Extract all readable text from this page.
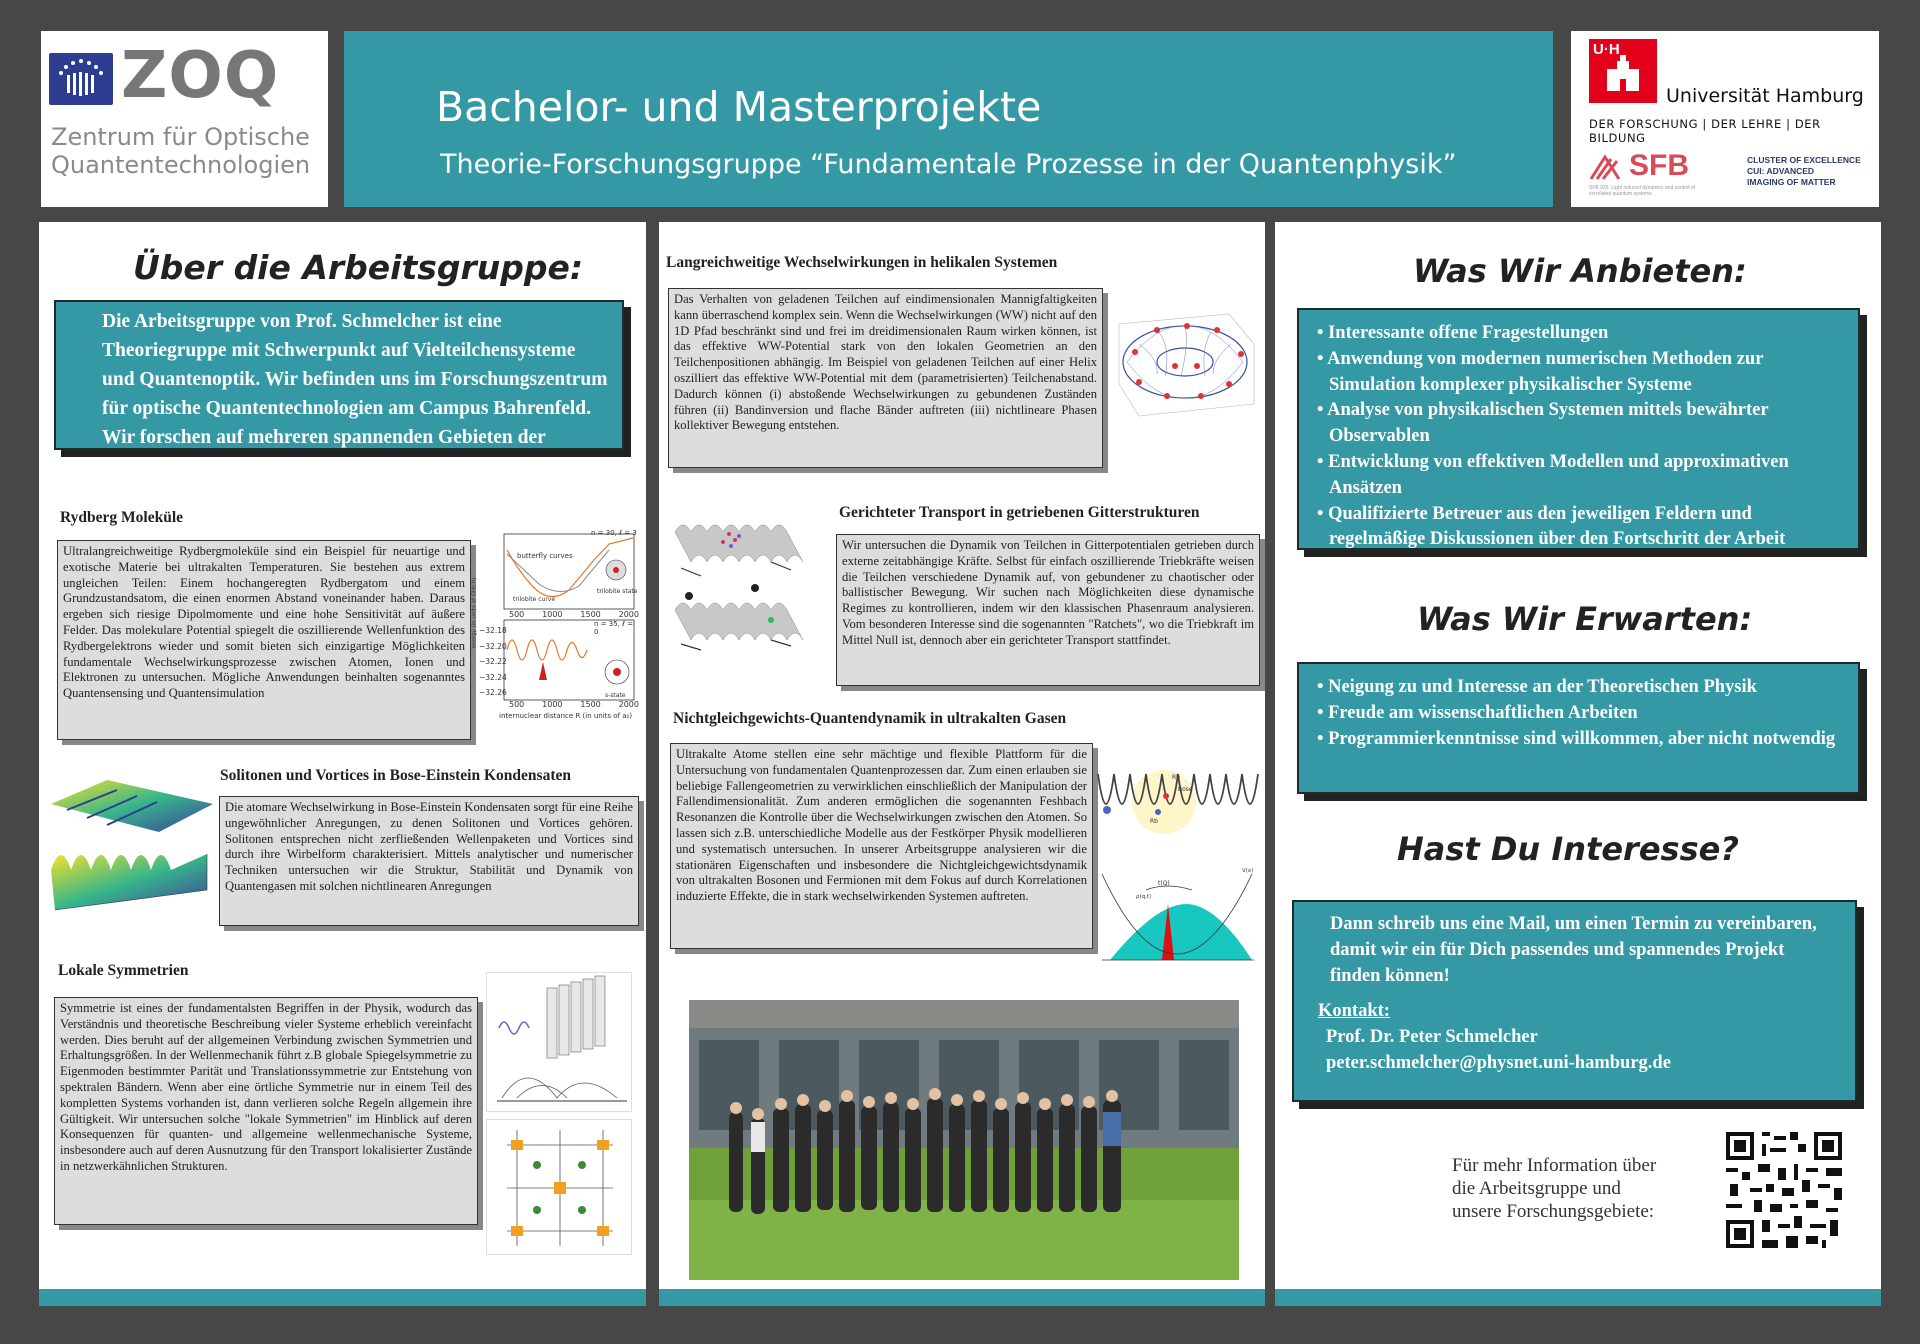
ZOQ
Zentrum für Optische
Quantentechnologien
Bachelor- und Masterprojekte
Theorie-Forschungsgruppe “Fundamentale Prozesse in der Quantenphysik”
U·H
Universität Hamburg
DER FORSCHUNG | DER LEHRE | DER BILDUNG
SFB
SFB 925: Light induced dynamics and control of correlated quantum systems
CLUSTER OF EXCELLENCE
CUI: ADVANCED
IMAGING OF MATTER
Über die Arbeitsgruppe:
Die Arbeitsgruppe von Prof. Schmelcher ist eine Theoriegruppe mit Schwerpunkt auf Vielteilchensysteme und Quantenoptik. Wir befinden uns im Forschungszentrum für optische Quantentechnologien am Campus Bahrenfeld. Wir forschen auf mehreren spannenden Gebieten der modernen Quantenphysik.
Rydberg Moleküle
Ultralangreichweitige Rydbergmoleküle sind ein Beispiel für neuartige und exotische Materie bei ultrakalten Temperaturen. Sie bestehen aus extrem ungleichen Teilen: Einem hochangeregten Rydbergatom und einem Grundzustandsatom, die einen enormen Abstand voneinander haben. Daraus ergeben sich riesige Dipolmomente und eine hohe Sensitivität auf äußere Felder. Das molekulare Potential spiegelt die oszillierende Wellenfunktion des Rydbergelektrons wieder und somit bieten sich einzigartige Möglichkeiten fundamentale Wechselwirkungsprozesse zwischen Atomen, Ionen und Elektronen zu untersuchen. Mögliche Anwendungen beinhalten sogenanntes Quantensensing und Quantensimulation
n = 30, ℓ = 3
butterfly curves
trilobite curve
trilobite state
500 1000 1500 2000
n = 35, ℓ = 0
−32.18
−32.20
−32.22
−32.24
−32.26
energy (in units of GHz·h)
s-state
500 1000 1500 2000
internuclear distance R (in units of a₀)
Solitonen und Vortices in Bose-Einstein Kondensaten
Die atomare Wechselwirkung in Bose-Einstein Kondensaten sorgt für eine Reihe ungewöhnlicher Anregungen, zu denen Solitonen und Vortices gehören. Solitonen entsprechen nicht zerfließenden Wellenpaketen und Vortices sind durch ihre Wirbelform charakterisiert. Mittels analytischer und numerischer Techniken untersuchen wir die Struktur, Stabilität und Dynamik von Quantengasen mit solchen nichtlinearen Anregungen
Lokale Symmetrien
Symmetrie ist eines der fundamentalsten Begriffen in der Physik, wodurch das Verständnis und theoretische Beschreibung vieler Systeme erheblich vereinfacht werden. Dies beruht auf der allgemeinen Verbindung zwischen Symmetrien und Erhaltungsgrößen. In der Wellenmechanik führt z.B globale Spiegelsymmetrie zu Eigenmoden bestimmter Parität und Translationssymmetrie zur Entstehung von spektralen Bändern. Wenn aber eine örtliche Symmetrie nur in einem Teil des kompletten Systems vorhanden ist, dann verlieren solche Regeln allgemein ihre Gültigkeit. Wir untersuchen solche "lokale Symmetrien" im Hinblick auf deren Konsequenzen für quanten- und allgemeine wellenmechanische Systeme, insbesondere auch auf deren Ausnutzung für den Transport lokalisierter Zustände in netzwerkähnlichen Strukturen.
Langreichweitige Wechselwirkungen in helikalen Systemen
Das Verhalten von geladenen Teilchen auf eindimensionalen Mannigfaltigkeiten kann überraschend komplex sein. Wenn die Wechselwirkungen (WW) nicht auf den 1D Pfad beschränkt sind und frei im dreidimensionalen Raum wirken können, ist das effektive WW-Potential stark von den lokalen Geometrien an den Teilchenpositionen abhängig. Im Beispiel von geladenen Teilchen auf einer Helix oszilliert das effektive WW-Potential mit dem (parametrisierten) Teilchenabstand. Dadurch können (i) abstoßende Wechselwirkungen zu gebundenen Zuständen führen (ii) Bandinversion und flache Bänder auftreten (iii) nichtlineare Phasen kollektiver Bewegung entstehen.
Gerichteter Transport in getriebenen Gitterstrukturen
Wir untersuchen die Dynamik von Teilchen in Gitterpotentialen getrieben durch externe zeitabhängige Kräfte. Selbst für einfach oszillierende Triebkräfte weisen die Teilchen verschiedene Dynamik auf, von gebundener zu chaotischer oder ballistischer Bewegung. Wir suchen nach Möglichkeiten diese dynamische Regimes zu kontrollieren, indem wir den klassischen Phasenraum analysieren. Vom besonderen Interesse sind die sogenannten "Ratchets", wo die Triebkraft im Mittel Null ist, dennoch aber ein gerichteter Transport stattfindet.
Nichtgleichgewichts-Quantendynamik in ultrakalten Gasen
Ultrakalte Atome stellen eine sehr mächtige und flexible Plattform für die Untersuchung von fundamentalen Quantenprozessen dar. Zum einen erlauben sie beliebige Fallengeometrien zu verwirklichen einschließlich der Manipulation der Fallendimensionalität. Zum anderen ermöglichen die sogenannten Feshbach Resonanzen die Kontrolle über die Wechselwirkungen zwischen den Atomen. So lassen sich z.B. unterschiedliche Modelle aus der Festkörper Physik modellieren und systematisch untersuchen. In unserer Arbeitsgruppe analysieren wir die stationären Eigenschaften und insbesondere die Nichtgleichgewichtsdynamik von ultrakalten Bosonen und Fermionen mit dem Fokus auf durch Korrelationen induzierte Effekte, die in stark wechselwirkenden Systemen auftreten.
Rb
Bose
Rb
t(Q)
ρ(q,t)
V(x)
Was Wir Anbieten:
• Interessante offene Fragestellungen
• Anwendung von modernen numerischen Methoden zur Simulation komplexer physikalischer Systeme
• Analyse von physikalischen Systemen mittels bewährter Observablen
• Entwicklung von effektiven Modellen und approximativen Ansätzen
• Qualifizierte Betreuer aus den jeweiligen Feldern und regelmäßige Diskussionen über den Fortschritt der Arbeit
Was Wir Erwarten:
• Neigung zu und Interesse an der Theoretischen Physik
• Freude am wissenschaftlichen Arbeiten
• Programmierkenntnisse sind willkommen, aber nicht notwendig
Hast Du Interesse?
Dann schreib uns eine Mail, um einen Termin zu vereinbaren, damit wir ein für Dich passendes und spannendes Projekt finden können!
Kontakt:
Prof. Dr. Peter Schmelcher
peter.schmelcher@physnet.uni-hamburg.de
Für mehr Information über
die Arbeitsgruppe und
unsere Forschungsgebiete:
